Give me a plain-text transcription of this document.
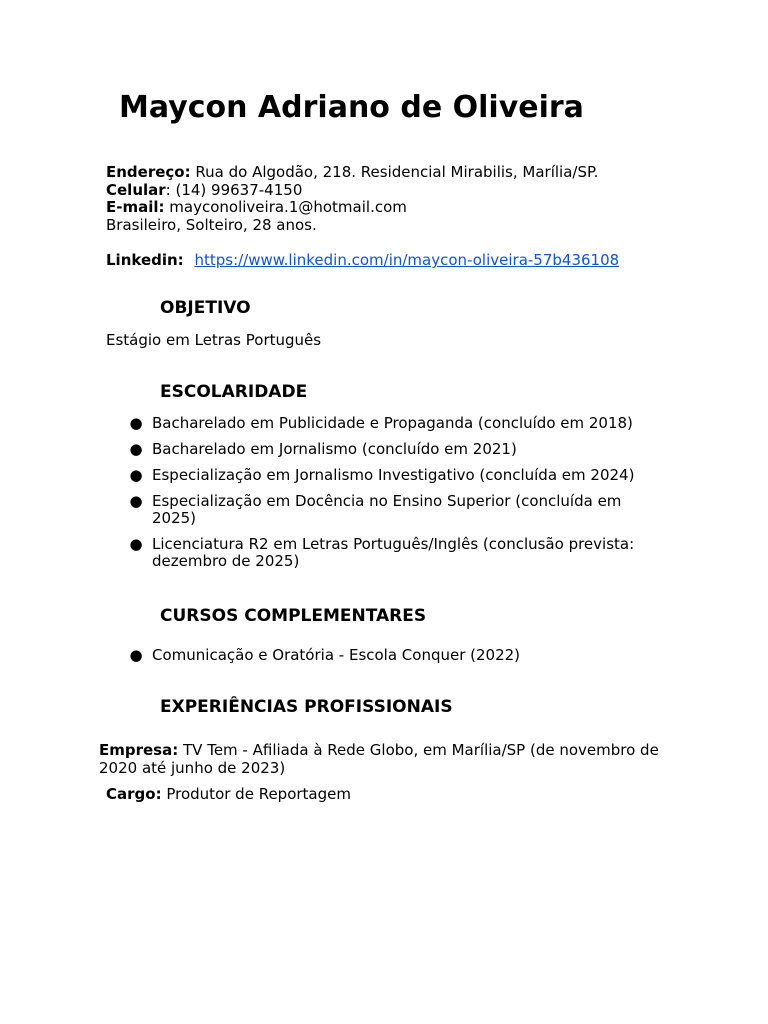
Maycon Adriano de Oliveira

Endereço: Rua do Algodão, 218. Residencial Mirabilis, Marília/SP.

Celular: (14) 99637-4150

E-mail: mayconoliveira.1@hotmail.com

Brasileiro, Solteiro, 28 anos.

Linkedin: https://www.linkedin.com/in/maycon-oliveira-57b436108

OBJETIVO

Estágio em Letras Português

ESCOLARIDADE
● Bacharelado em Publicidade e Propaganda (concluído em 2018)
● Bacharelado em Jornalismo (concluído em 2021)
● Especialização em Jornalismo Investigativo (concluída em 2024)
● Especialização em Docência no Ensino Superior (concluída em 2025)
● Licenciatura R2 em Letras Português/Inglês (conclusão prevista: dezembro de 2025)
CURSOS COMPLEMENTARES
● Comunicação e Oratória - Escola Conquer (2022)
EXPERIÊNCIAS PROFISSIONAIS

Empresa: TV Tem - Afiliada à Rede Globo, em Marília/SP (de novembro de 2020 até junho de 2023)

Cargo: Produtor de Reportagem
